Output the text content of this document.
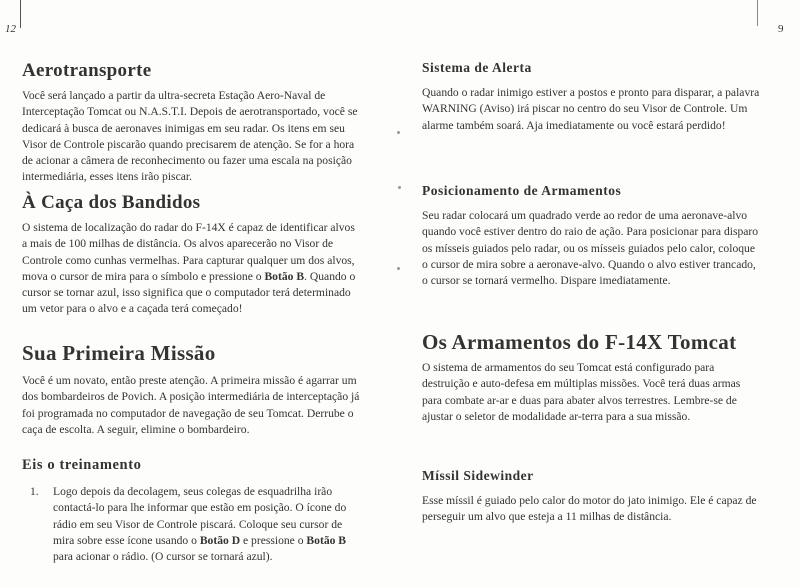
12	9
Aerotransporte

Você será lançado a partir da ultra-secreta Estação Aero-Naval de Interceptação Tomcat ou N.A.S.T.I. Depois de aerotransportado, você se dedicará à busca de aeronaves inimigas em seu radar. Os itens em seu Visor de Controle piscarão quando precisarem de atenção. Se for a hora de acionar a câmera de reconhecimento ou fazer uma escala na posição intermediária, esses itens irão piscar.

À Caça dos Bandidos

O sistema de localização do radar do F-14X é capaz de identificar alvos a mais de 100 milhas de distância. Os alvos aparecerão no Visor de Controle como cunhas vermelhas. Para capturar qualquer um dos alvos, mova o cursor de mira para o símbolo e pressione o Botão B. Quando o cursor se tornar azul, isso significa que o computador terá determinado um vetor para o alvo e a caçada terá começado!

Sua Primeira Missão

Você é um novato, então preste atenção. A primeira missão é agarrar um dos bombardeiros de Povich. A posição intermediária de interceptação já foi programada no computador de navegação de seu Tomcat. Derrube o caça de escolta. A seguir, elimine o bombardeiro.

Eis o treinamento
1.	Logo depois da decolagem, seus colegas de esquadrilha irão contactá-lo para lhe informar que estão em posição. O ícone do rádio em seu Visor de Controle piscará. Coloque seu cursor de mira sobre esse ícone usando o Botão D e pressione o Botão B para acionar o rádio. (O cursor se tornará azul).
Sistema de Alerta

Quando o radar inimigo estiver a postos e pronto para disparar, a palavra WARNING (Aviso) irá piscar no centro do seu Visor de Controle. Um alarme também soará. Aja imediatamente ou você estará perdido!

Posicionamento de Armamentos

Seu radar colocará um quadrado verde ao redor de uma aeronave-alvo quando você estiver dentro do raio de ação. Para posicionar para disparo os mísseis guiados pelo radar, ou os mísseis guiados pelo calor, coloque o cursor de mira sobre a aeronave-alvo. Quando o alvo estiver trancado, o cursor se tornará vermelho. Dispare imediatamente.

Os Armamentos do F-14X Tomcat

O sistema de armamentos do seu Tomcat está configurado para destruição e auto-defesa em múltiplas missões. Você terá duas armas para combate ar-ar e duas para abater alvos terrestres. Lembre-se de ajustar o seletor de modalidade ar-terra para a sua missão.

Míssil Sidewinder

Esse míssil é guiado pelo calor do motor do jato inimigo. Ele é capaz de perseguir um alvo que esteja a 11 milhas de distância.
